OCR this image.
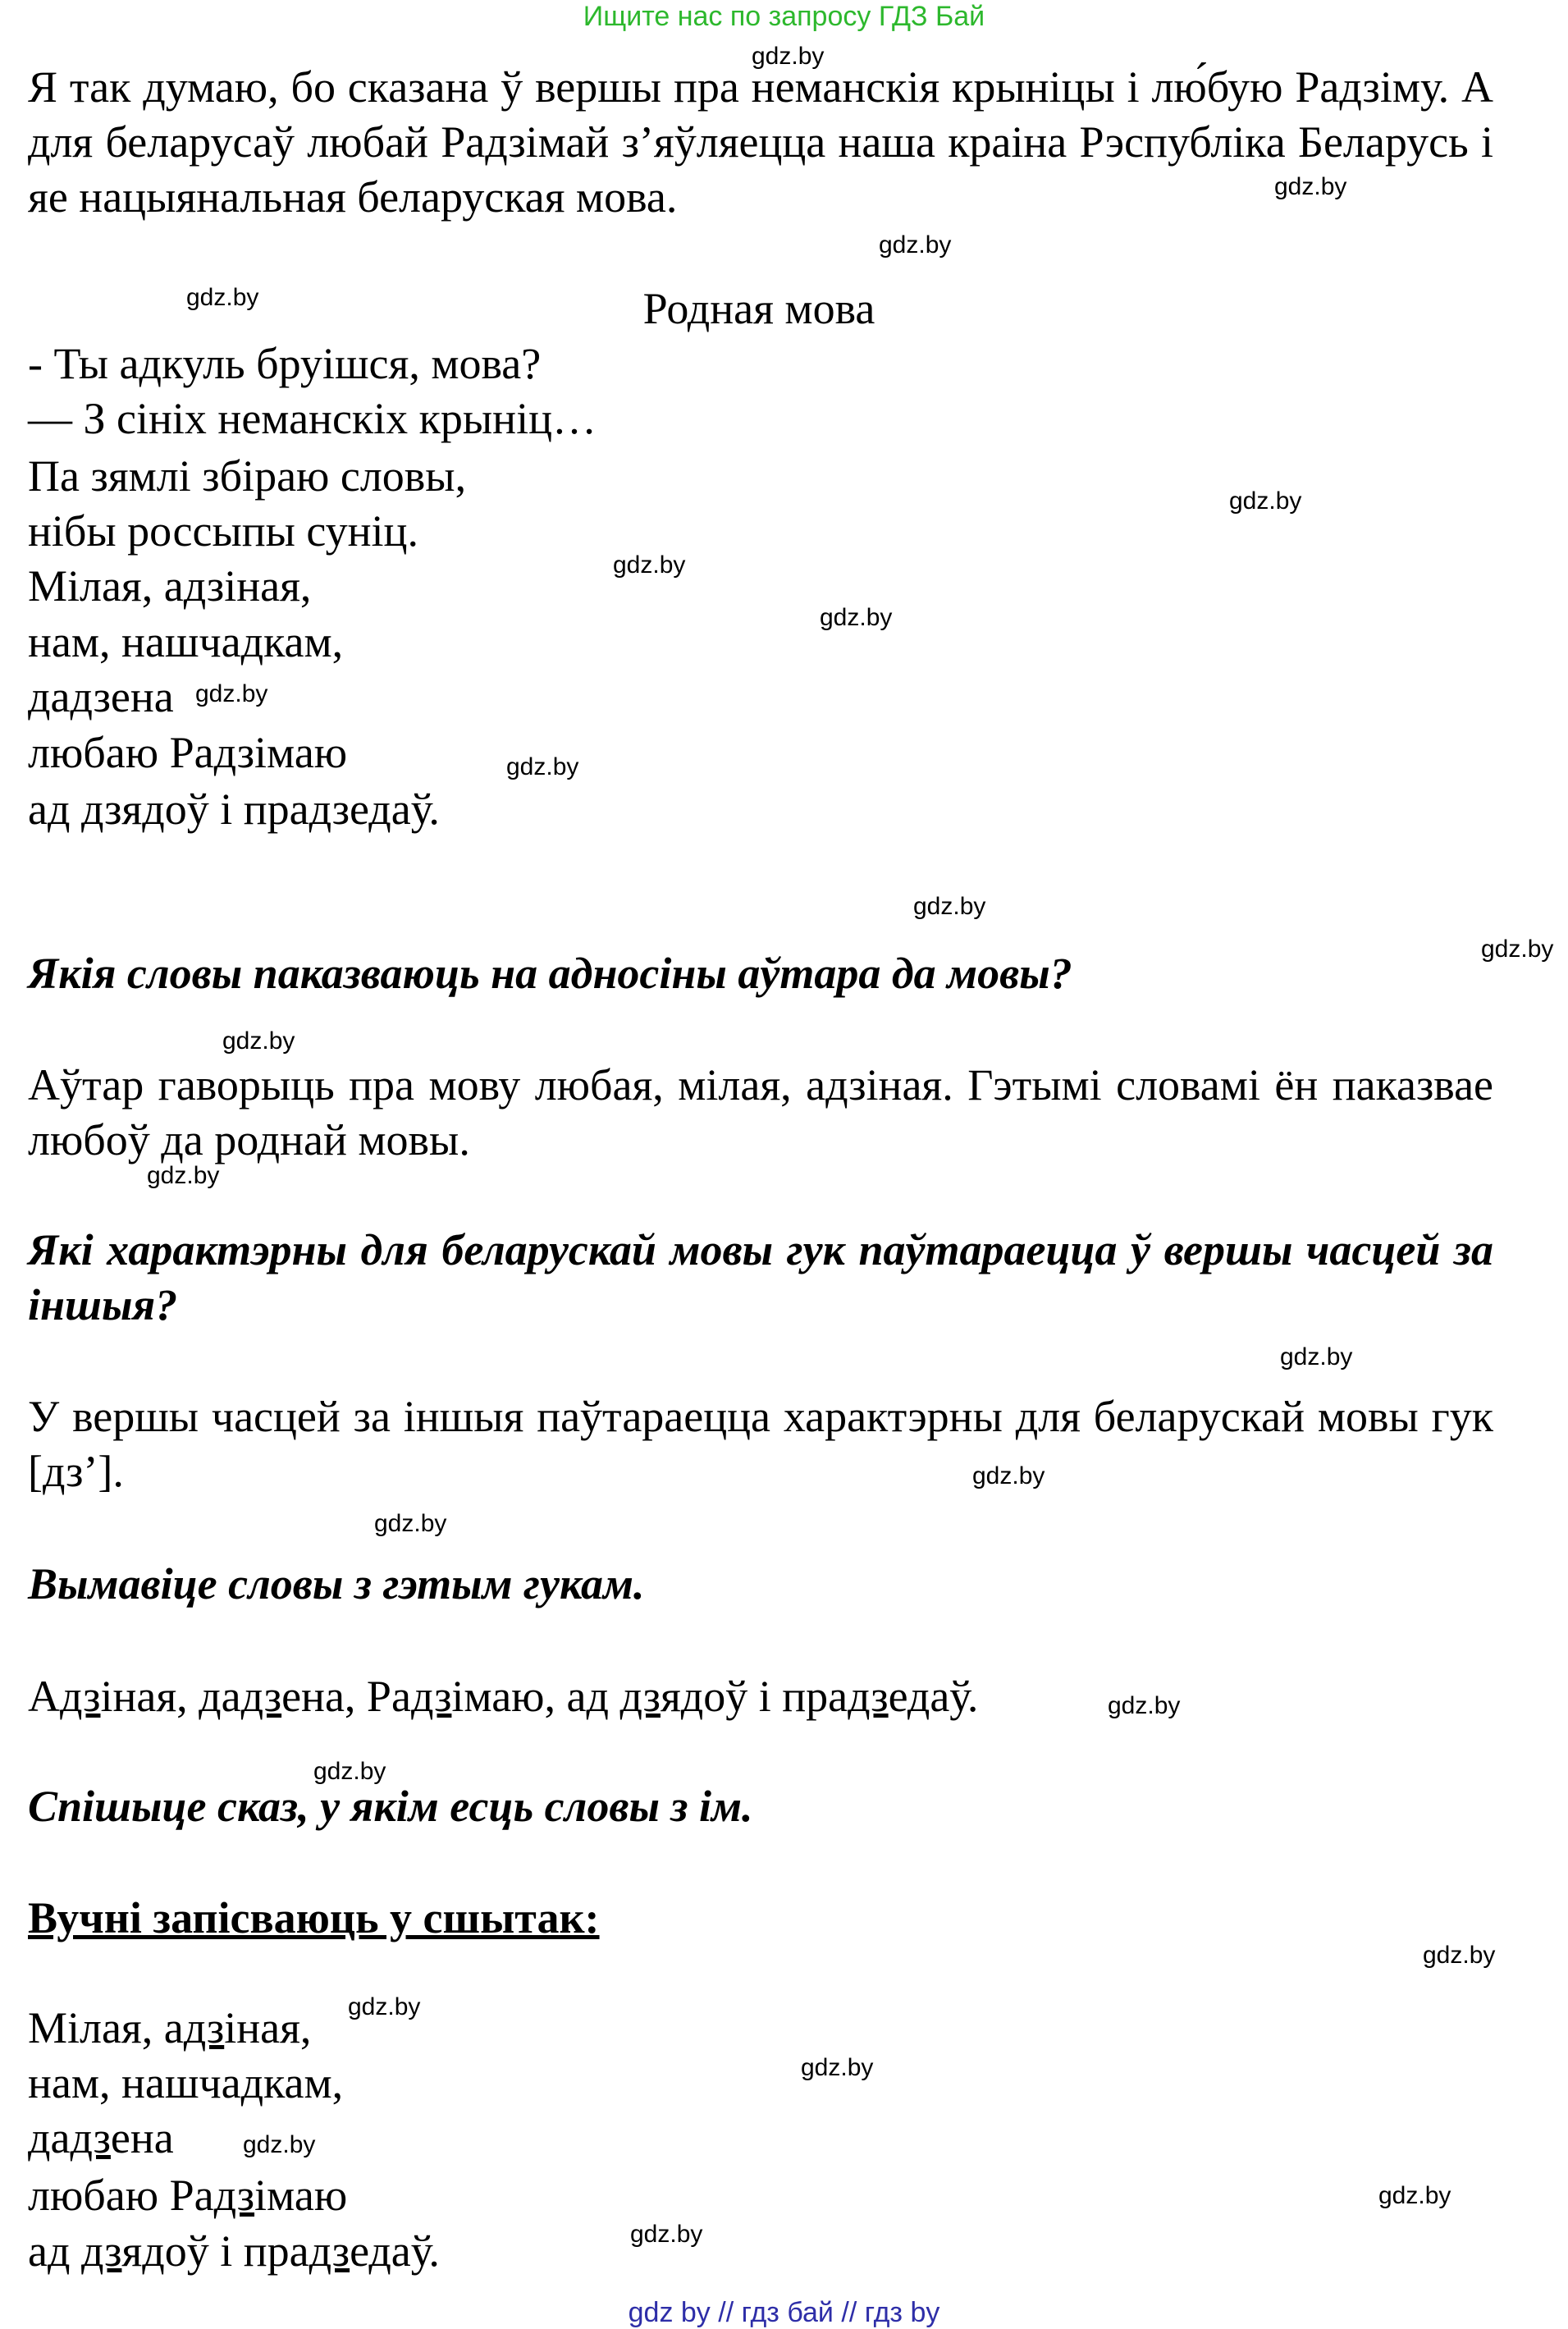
Ищите нас по запросу ГДЗ Бай
gdz.by
gdz.by
gdz.by
gdz.by
gdz.by
gdz.by
gdz.by
gdz.by
gdz.by
gdz.by
gdz.by
gdz.by
gdz.by
gdz.by
gdz.by
gdz.by
gdz.by
gdz.by
gdz.by
gdz.by
gdz.by
gdz.by
gdz.by
gdz.by
Я так думаю, бо сказана ў вершы пра неманскія крыніцы і лю́бую Радзіму. А для беларусаў любай Радзімай з’яўляецца наша краіна Рэспубліка Беларусь і яе нацыянальная беларуская мова.
Родная мова
- Ты адкуль бруішся, мова?
— З сініх неманскіх крыніц…
Па зямлі збіраю словы,
нібы россыпы суніц.
Мілая, адзіная,
нам, нашчадкам,
дадзена
любаю Радзімаю
ад дзядоў і прадзедаў.
Якія словы паказваюць на адносіны аўтара да мовы?
Аўтар гаворыць пра мову любая, мілая, адзіная. Гэтымі словамі ён паказвае любоў да роднай мовы.
Які характэрны для беларускай мовы гук паўтараецца ў вершы часцей за іншыя?
У вершы часцей за іншыя паўтараецца характэрны для беларускай мовы гук [дз’].
Вымавіце словы з гэтым гукам.
Адзіная, дадзена, Радзімаю, ад дзядоў і прадзедаў.
Спішыце сказ, у якім есць словы з ім.
Вучні запісваюць у сшытак:
Мілая, адзіная,
нам, нашчадкам,
дадзена
любаю Радзімаю
ад дзядоў і прадзедаў.
gdz by // гдз бай // гдз by
